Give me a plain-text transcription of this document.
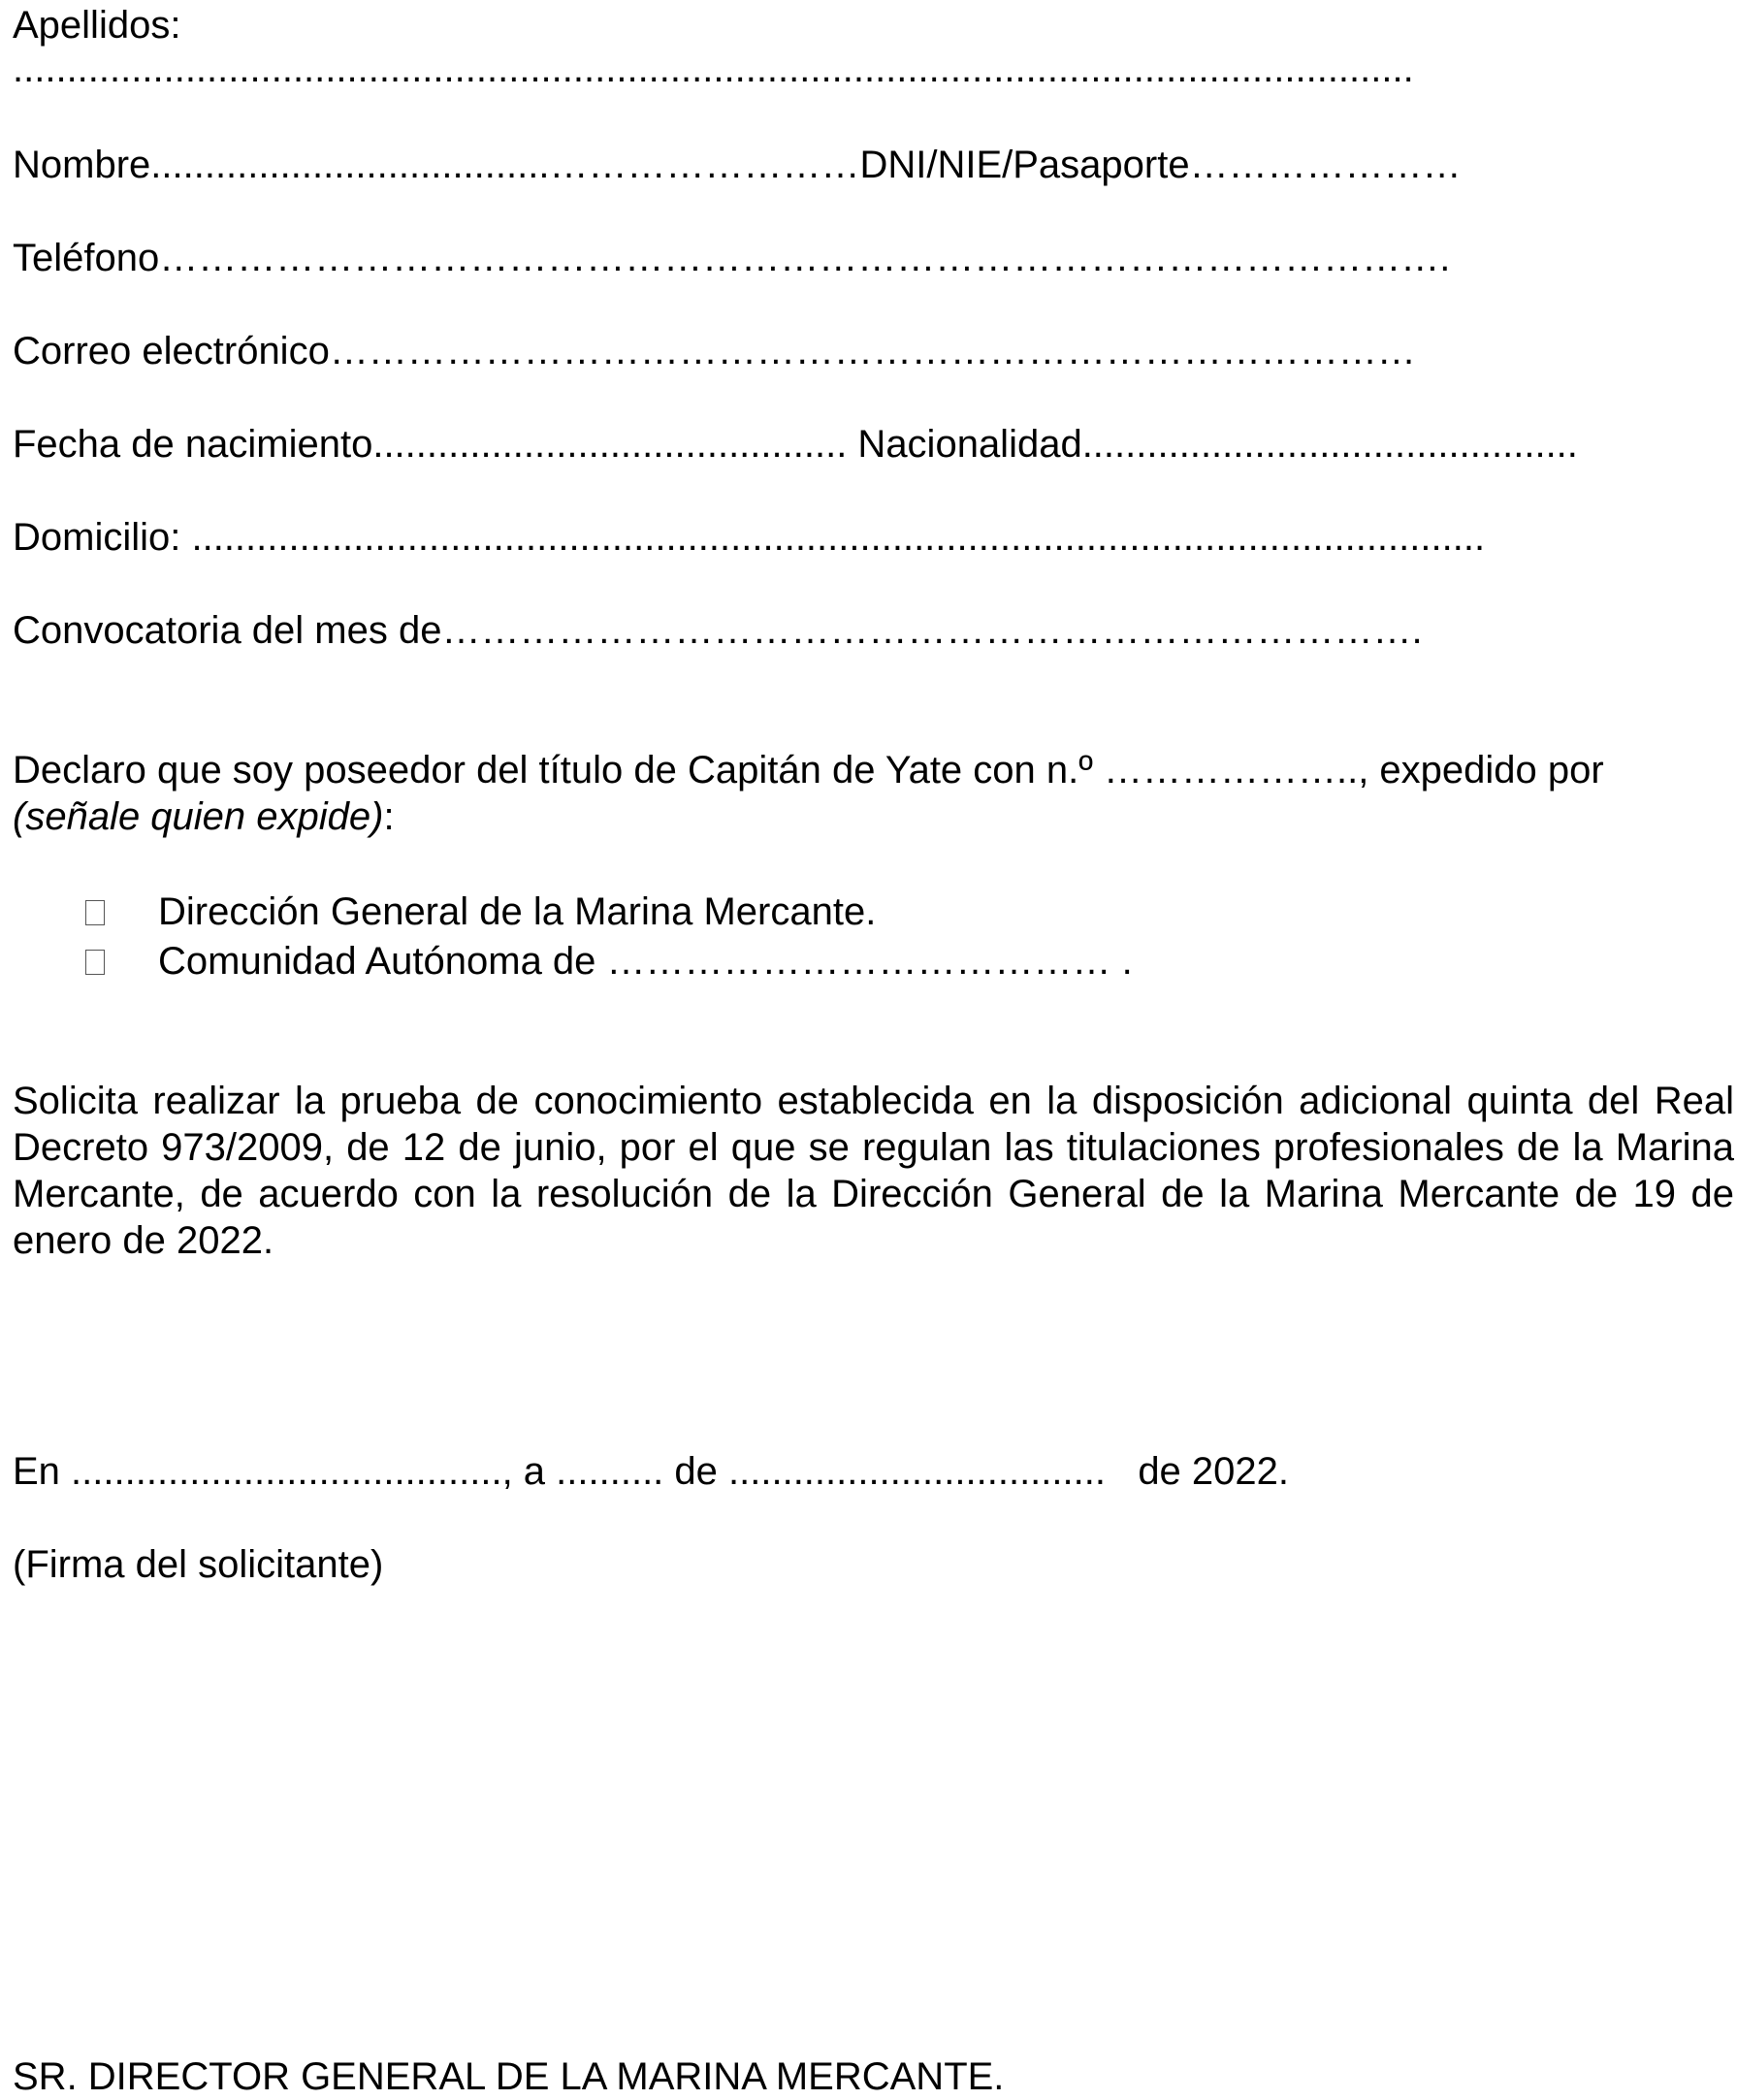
Apellidos:
..................................................................................................................................
Nombre.....................................……………………DNI/NIE/Pasaporte…………………
Teléfono……………………………………………………………………………………….
Correo electrónico…………………………………………………………………………
Fecha de nacimiento............................................ Nacionalidad..............................................
Domicilio: ........................................................................................................................
Convocatoria del mes de………………………………………………………………….
Declaro que soy poseedor del título de Capitán de Yate con n.º ……………….., expedido por
(señale quien expide):

Dirección General de la Marina Mercante.

Comunidad Autónoma de ………………………………… .

Solicita realizar la prueba de conocimiento establecida en la disposición adicional quinta del Real Decreto 973/2009, de 12 de junio, por el que se regulan las titulaciones profesionales de la Marina Mercante, de acuerdo con la resolución de la Dirección General de la Marina Mercante de 19 de enero de 2022.
En ........................................, a .......... de ...................................   de 2022.
(Firma del solicitante)
SR. DIRECTOR GENERAL DE LA MARINA MERCANTE.
